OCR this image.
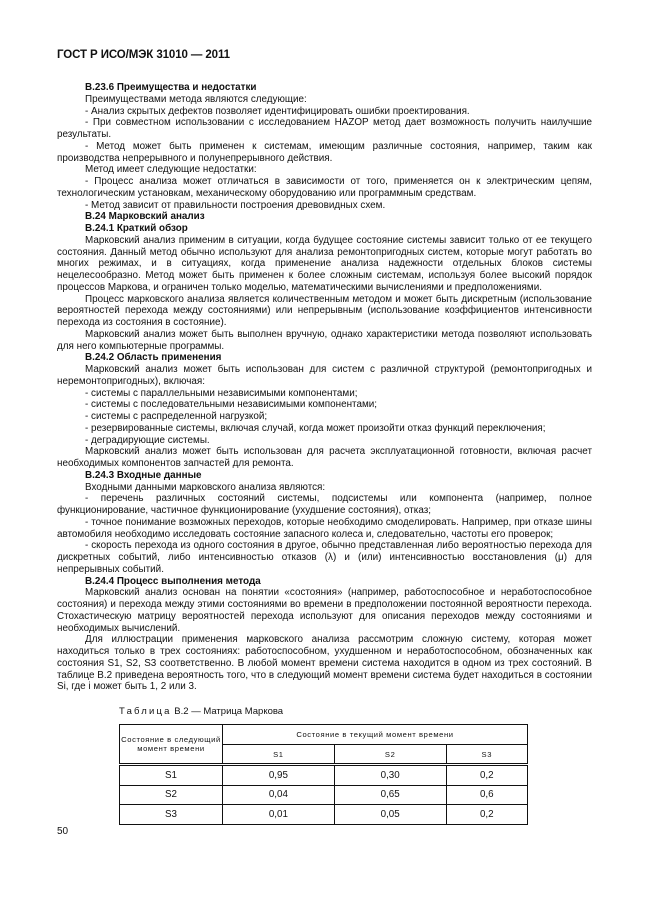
ГОСТ Р ИСО/МЭК 31010 — 2011

В.23.6 Преимущества и недостатки

Преимуществами метода являются следующие:

- Анализ скрытых дефектов позволяет идентифицировать ошибки проектирования.

- При совместном использовании с исследованием HAZOP метод дает возможность получить наилучшие результаты.

- Метод может быть применен к системам, имеющим различные состояния, например, таким как производства непрерывного и полунепрерывного действия.

Метод имеет следующие недостатки:

- Процесс анализа может отличаться в зависимости от того, применяется он к электрическим цепям, технологическим установкам, механическому оборудованию или программным средствам.

- Метод зависит от правильности построения древовидных схем.

В.24 Марковский анализ

В.24.1 Краткий обзор

Марковский анализ применим в ситуации, когда будущее состояние системы зависит только от ее текущего состояния. Данный метод обычно используют для анализа ремонтопригодных систем, которые могут работать во многих режимах, и в ситуациях, когда применение анализа надежности отдельных блоков системы нецелесообразно. Метод может быть применен к более сложным системам, используя более высокий порядок процессов Маркова, и ограничен только моделью, математическими вычислениями и предположениями.

Процесс марковского анализа является количественным методом и может быть дискретным (использование вероятностей перехода между состояниями) или непрерывным (использование коэффициентов интенсивности перехода из состояния в состояние).

Марковский анализ может быть выполнен вручную, однако характеристики метода позволяют использовать для него компьютерные программы.

В.24.2 Область применения

Марковский анализ может быть использован для систем с различной структурой (ремонтопригодных и неремонтопригодных), включая:

- системы с параллельными независимыми компонентами;

- системы с последовательными независимыми компонентами;

- системы с распределенной нагрузкой;

- резервированные системы, включая случай, когда может произойти отказ функций переключения;

- деградирующие системы.

Марковский анализ может быть использован для расчета эксплуатационной готовности, включая расчет необходимых компонентов запчастей для ремонта.

В.24.3 Входные данные

Входными данными марковского анализа являются:

- перечень различных состояний системы, подсистемы или компонента (например, полное функционирование, частичное функционирование (ухудшение состояния), отказ;

- точное понимание возможных переходов, которые необходимо смоделировать. Например, при отказе шины автомобиля необходимо исследовать состояние запасного колеса и, следовательно, частоты его проверок;

- скорость перехода из одного состояния в другое, обычно представленная либо вероятностью перехода для дискретных событий, либо интенсивностью отказов (λ) и (или) интенсивностью восстановления (μ) для непрерывных событий.

В.24.4 Процесс выполнения метода

Марковский анализ основан на понятии «состояния» (например, работоспособное и неработоспособное состояния) и перехода между этими состояниями во времени в предположении постоянной вероятности перехода. Стохастическую матрицу вероятностей перехода используют для описания переходов между состояниями и необходимых вычислений.

Для иллюстрации применения марковского анализа рассмотрим сложную систему, которая может находиться только в трех состояниях: работоспособном, ухудшенном и неработоспособном, обозначенных как состояния S1, S2, S3 соответственно. В любой момент времени система находится в одном из трех состояний. В таблице В.2 приведена вероятность того, что в следующий момент времени система будет находиться в состоянии Si, где i может быть 1, 2 или 3.

Таблица В.2 — Матрица Маркова
Состояние в следующий момент времени	Состояние в текущий момент времени		
	S1	S2	S3
S1	0,95	0,30	0,2
S2	0,04	0,65	0,6
S3	0,01	0,05	0,2
50
